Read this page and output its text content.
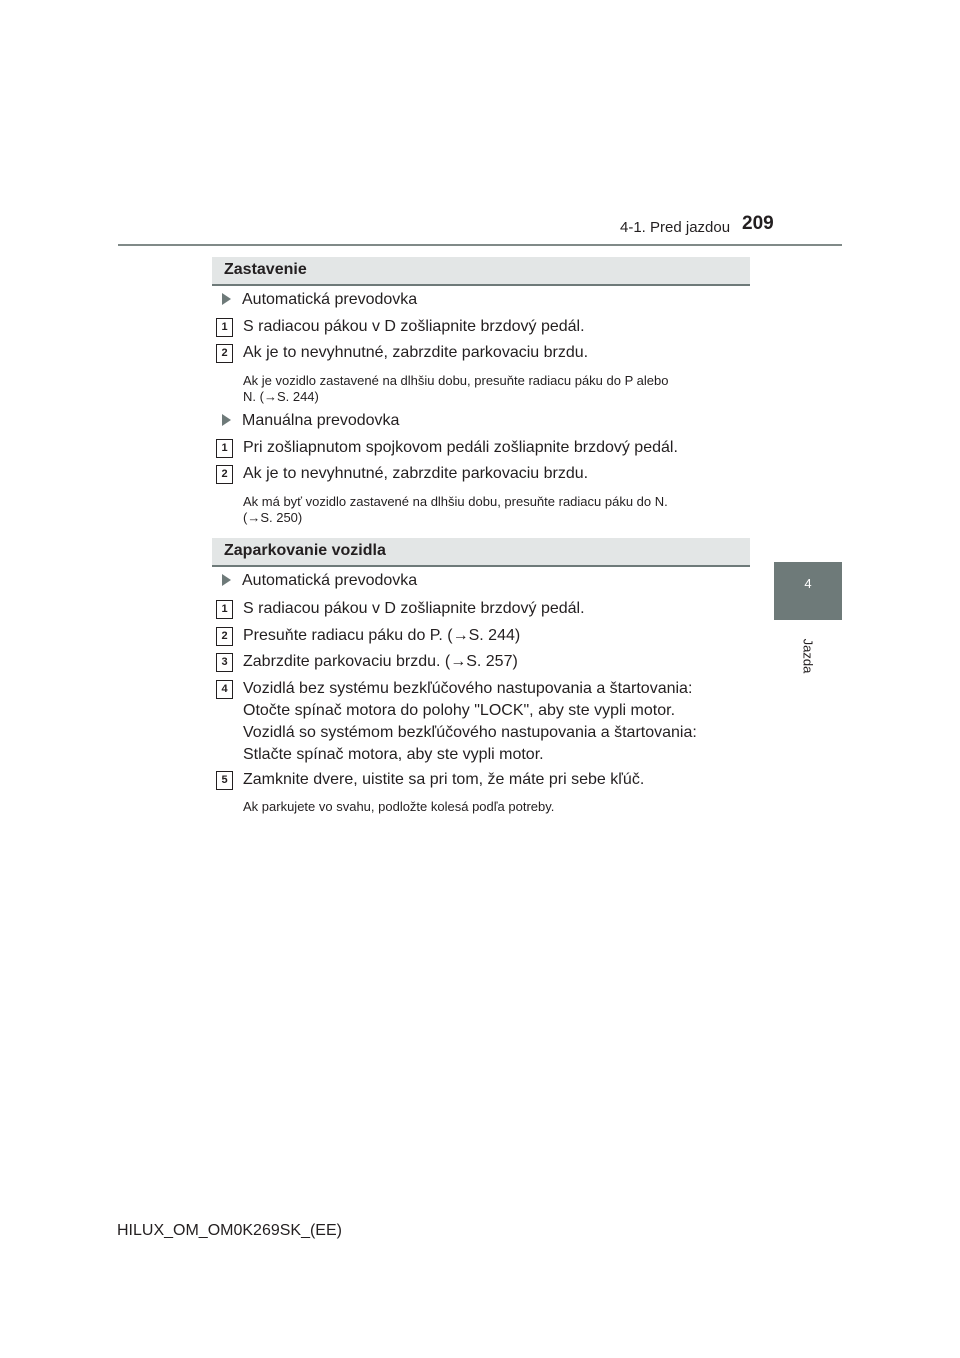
4-1. Pred jazdou 209
4
Jazda
Zastavenie
Automatická prevodovka
1 S radiacou pákou v D zošliapnite brzdový pedál.
2 Ak je to nevyhnutné, zabrzdite parkovaciu brzdu.
Ak je vozidlo zastavené na dlhšiu dobu, presuňte radiacu páku do P alebo
N. (→S. 244)
Manuálna prevodovka
1 Pri zošliapnutom spojkovom pedáli zošliapnite brzdový pedál.
2 Ak je to nevyhnutné, zabrzdite parkovaciu brzdu.
Ak má byť vozidlo zastavené na dlhšiu dobu, presuňte radiacu páku do N.
(→S. 250)
Zaparkovanie vozidla
Automatická prevodovka
1 S radiacou pákou v D zošliapnite brzdový pedál.
2 Presuňte radiacu páku do P. (→S. 244)
3 Zabrzdite parkovaciu brzdu. (→S. 257)
4 Vozidlá bez systému bezkľúčového nastupovania a štartovania:
Otočte spínač motora do polohy "LOCK", aby ste vypli motor.
Vozidlá so systémom bezkľúčového nastupovania a štartovania:
Stlačte spínač motora, aby ste vypli motor.
5 Zamknite dvere, uistite sa pri tom, že máte pri sebe kľúč.
Ak parkujete vo svahu, podložte kolesá podľa potreby.
HILUX_OM_OM0K269SK_(EE)
